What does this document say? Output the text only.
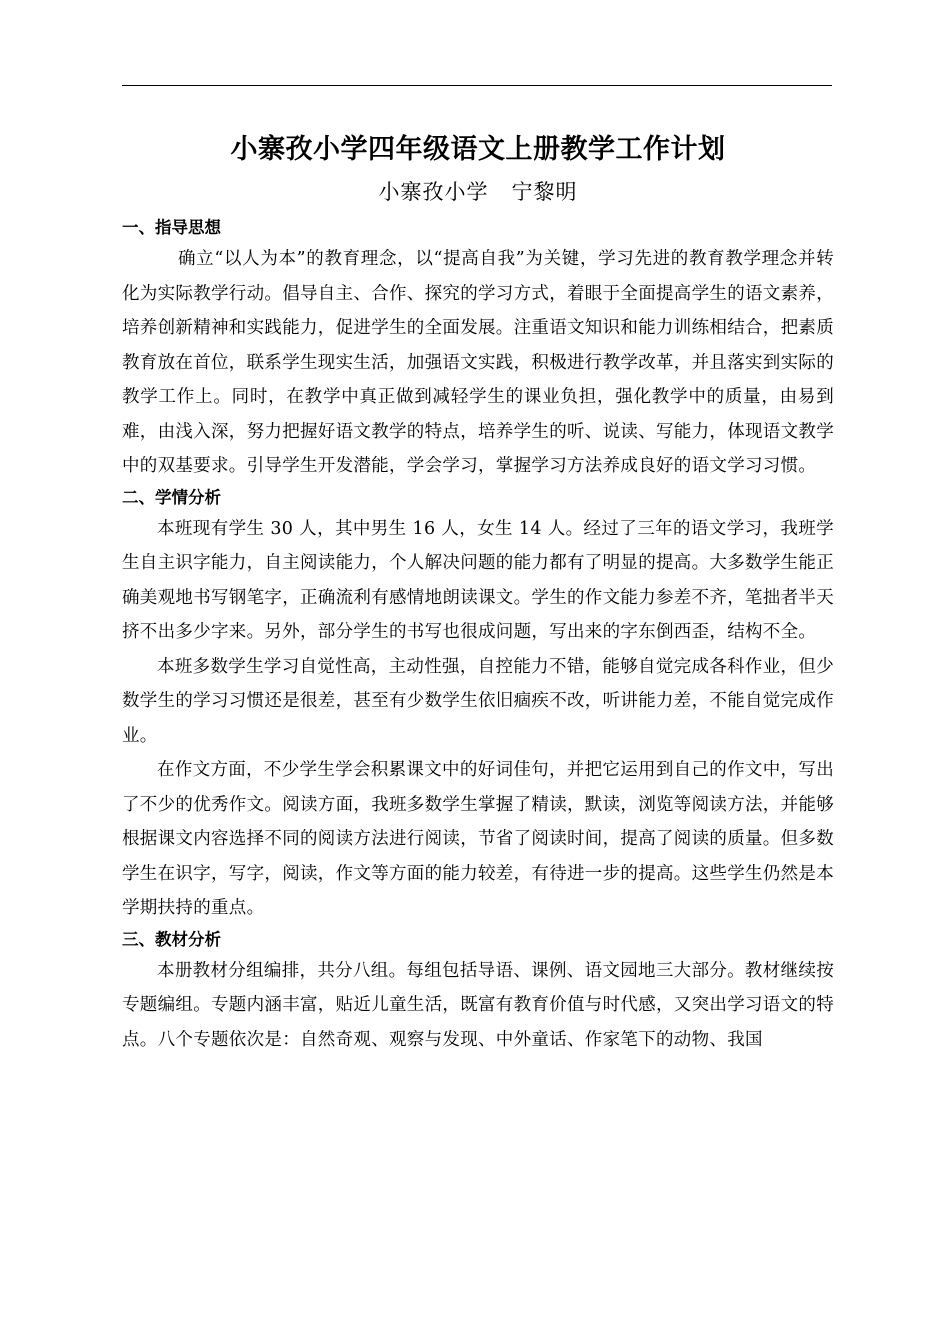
小寨孜小学四年级语文上册教学工作计划
小寨孜小学   宁黎明
一、指导思想

确立“以人为本”的教育理念，以“提高自我”为关键，学习先进的教育教学理念并转化为实际教学行动。倡导自主、合作、探究的学习方式，着眼于全面提高学生的语文素养，培养创新精神和实践能力，促进学生的全面发展。注重语文知识和能力训练相结合，把素质教育放在首位，联系学生现实生活，加强语文实践，积极进行教学改革，并且落实到实际的教学工作上。同时，在教学中真正做到减轻学生的课业负担，强化教学中的质量，由易到难，由浅入深，努力把握好语文教学的特点，培养学生的听、说读、写能力，体现语文教学中的双基要求。引导学生开发潜能，学会学习，掌握学习方法养成良好的语文学习习惯。

二、学情分析

本班现有学生 30 人，其中男生 16 人，女生 14 人。经过了三年的语文学习，我班学生自主识字能力，自主阅读能力，个人解决问题的能力都有了明显的提高。大多数学生能正确美观地书写钢笔字，正确流利有感情地朗读课文。学生的作文能力参差不齐，笔拙者半天挤不出多少字来。另外，部分学生的书写也很成问题，写出来的字东倒西歪，结构不全。

本班多数学生学习自觉性高，主动性强，自控能力不错，能够自觉完成各科作业，但少数学生的学习习惯还是很差，甚至有少数学生依旧痼疾不改，听讲能力差，不能自觉完成作业。

在作文方面，不少学生学会积累课文中的好词佳句，并把它运用到自己的作文中，写出了不少的优秀作文。阅读方面，我班多数学生掌握了精读，默读，浏览等阅读方法，并能够根据课文内容选择不同的阅读方法进行阅读，节省了阅读时间，提高了阅读的质量。但多数学生在识字，写字，阅读，作文等方面的能力较差，有待进一步的提高。这些学生仍然是本学期扶持的重点。

三、教材分析

本册教材分组编排，共分八组。每组包括导语、课例、语文园地三大部分。教材继续按专题编组。专题内涵丰富，贴近儿童生活，既富有教育价值与时代感，又突出学习语文的特点。八个专题依次是：自然奇观、观察与发现、中外童话、作家笔下的动物、我国
